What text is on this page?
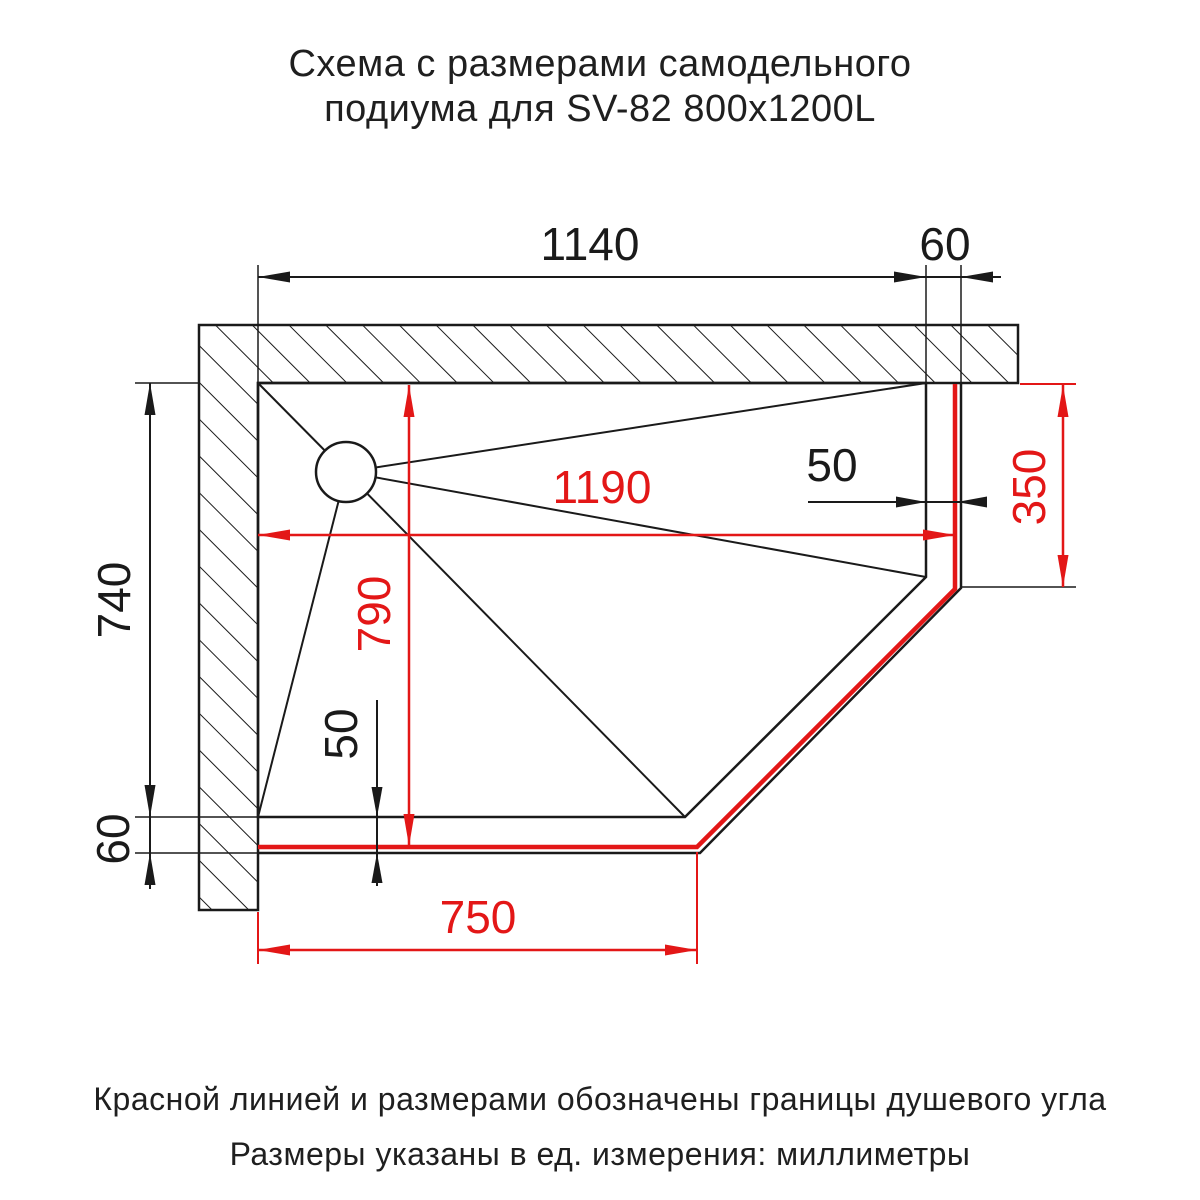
Схема с размерами самодельного
подиума для SV-82 800x1200L
1140	60
740
60
50
50
1190
790
350
750
Красной линией и размерами обозначены границы душевого угла
Размеры указаны в ед. измерения: миллиметры
